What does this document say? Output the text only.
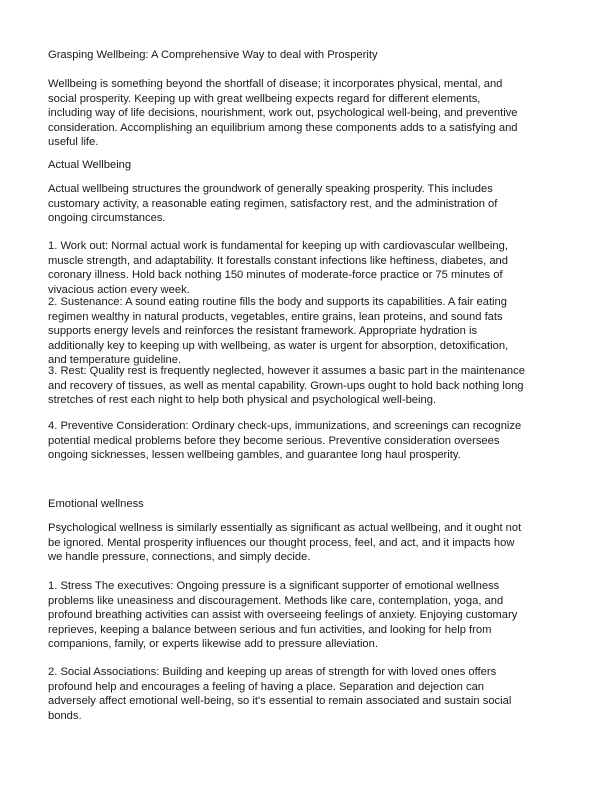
Grasping Wellbeing: A Comprehensive Way to deal with Prosperity
Wellbeing is something beyond the shortfall of disease; it incorporates physical, mental, and
social prosperity. Keeping up with great wellbeing expects regard for different elements,
including way of life decisions, nourishment, work out, psychological well-being, and preventive
consideration. Accomplishing an equilibrium among these components adds to a satisfying and
useful life.
Actual Wellbeing
Actual wellbeing structures the groundwork of generally speaking prosperity. This includes
customary activity, a reasonable eating regimen, satisfactory rest, and the administration of
ongoing circumstances.
1. Work out: Normal actual work is fundamental for keeping up with cardiovascular wellbeing,
muscle strength, and adaptability. It forestalls constant infections like heftiness, diabetes, and
coronary illness. Hold back nothing 150 minutes of moderate-force practice or 75 minutes of
vivacious action every week.
2. Sustenance: A sound eating routine fills the body and supports its capabilities. A fair eating
regimen wealthy in natural products, vegetables, entire grains, lean proteins, and sound fats
supports energy levels and reinforces the resistant framework. Appropriate hydration is
additionally key to keeping up with wellbeing, as water is urgent for absorption, detoxification,
and temperature guideline.
3. Rest: Quality rest is frequently neglected, however it assumes a basic part in the maintenance
and recovery of tissues, as well as mental capability. Grown-ups ought to hold back nothing long
stretches of rest each night to help both physical and psychological well-being.
4. Preventive Consideration: Ordinary check-ups, immunizations, and screenings can recognize
potential medical problems before they become serious. Preventive consideration oversees
ongoing sicknesses, lessen wellbeing gambles, and guarantee long haul prosperity.
Emotional wellness
Psychological wellness is similarly essentially as significant as actual wellbeing, and it ought not
be ignored. Mental prosperity influences our thought process, feel, and act, and it impacts how
we handle pressure, connections, and simply decide.
1. Stress The executives: Ongoing pressure is a significant supporter of emotional wellness
problems like uneasiness and discouragement. Methods like care, contemplation, yoga, and
profound breathing activities can assist with overseeing feelings of anxiety. Enjoying customary
reprieves, keeping a balance between serious and fun activities, and looking for help from
companions, family, or experts likewise add to pressure alleviation.
2. Social Associations: Building and keeping up areas of strength for with loved ones offers
profound help and encourages a feeling of having a place. Separation and dejection can
adversely affect emotional well-being, so it's essential to remain associated and sustain social
bonds.
